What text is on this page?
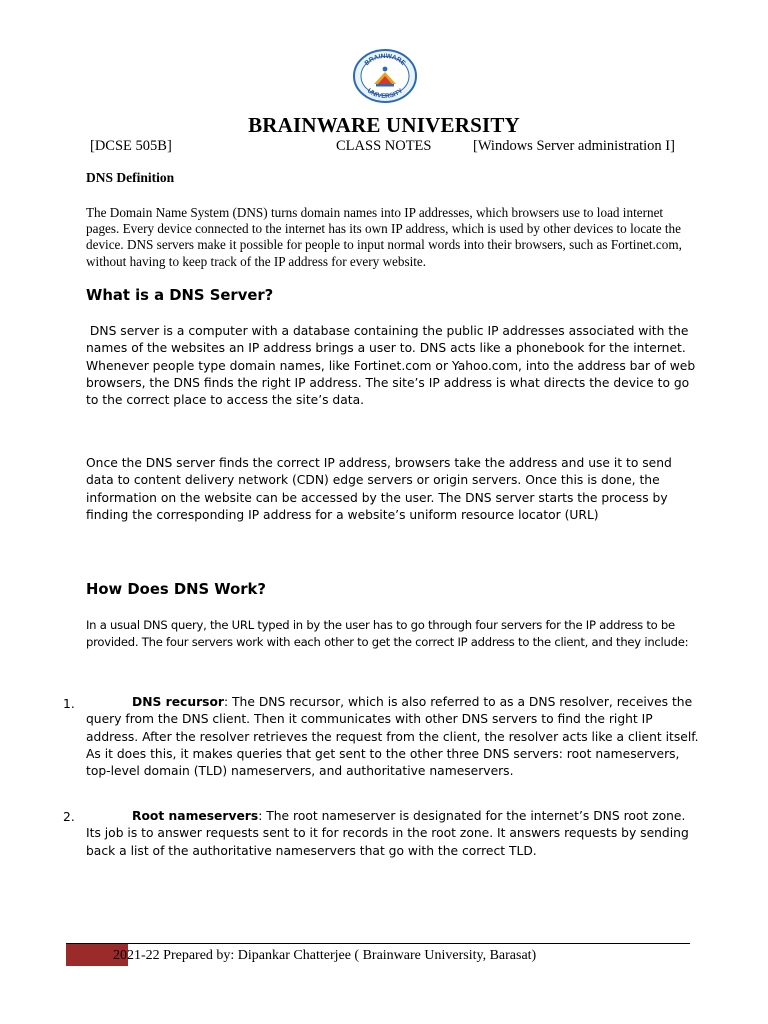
BRAINWARE
UNIVERSITY
BRAINWARE UNIVERSITY
[DCSE 505B]	CLASS NOTES	[Windows Server administration I]
DNS Definition
The Domain Name System (DNS) turns domain names into IP addresses, which browsers use to load internet pages. Every device connected to the internet has its own IP address, which is used by other devices to locate the device. DNS servers make it possible for people to input normal words into their browsers, such as Fortinet.com, without having to keep track of the IP address for every website.
What is a DNS Server?
DNS server is a computer with a database containing the public IP addresses associated with the names of the websites an IP address brings a user to. DNS acts like a phonebook for the internet. Whenever people type domain names, like Fortinet.com or Yahoo.com, into the address bar of web browsers, the DNS finds the right IP address. The site’s IP address is what directs the device to go to the correct place to access the site’s data.
Once the DNS server finds the correct IP address, browsers take the address and use it to send data to content delivery network (CDN) edge servers or origin servers. Once this is done, the information on the website can be accessed by the user. The DNS server starts the process by finding the corresponding IP address for a website’s uniform resource locator (URL)
How Does DNS Work?
In a usual DNS query, the URL typed in by the user has to go through four servers for the IP address to be provided. The four servers work with each other to get the correct IP address to the client, and they include:
1.	DNS recursor: The DNS recursor, which is also referred to as a DNS resolver, receives the query from the DNS client. Then it communicates with other DNS servers to find the right IP address. After the resolver retrieves the request from the client, the resolver acts like a client itself. As it does this, it makes queries that get sent to the other three DNS servers: root nameservers, top-level domain (TLD) nameservers, and authoritative nameservers.
2.	Root nameservers: The root nameserver is designated for the internet’s DNS root zone. Its job is to answer requests sent to it for records in the root zone. It answers requests by sending back a list of the authoritative nameservers that go with the correct TLD.
2021-22 Prepared by: Dipankar Chatterjee ( Brainware University, Barasat)
